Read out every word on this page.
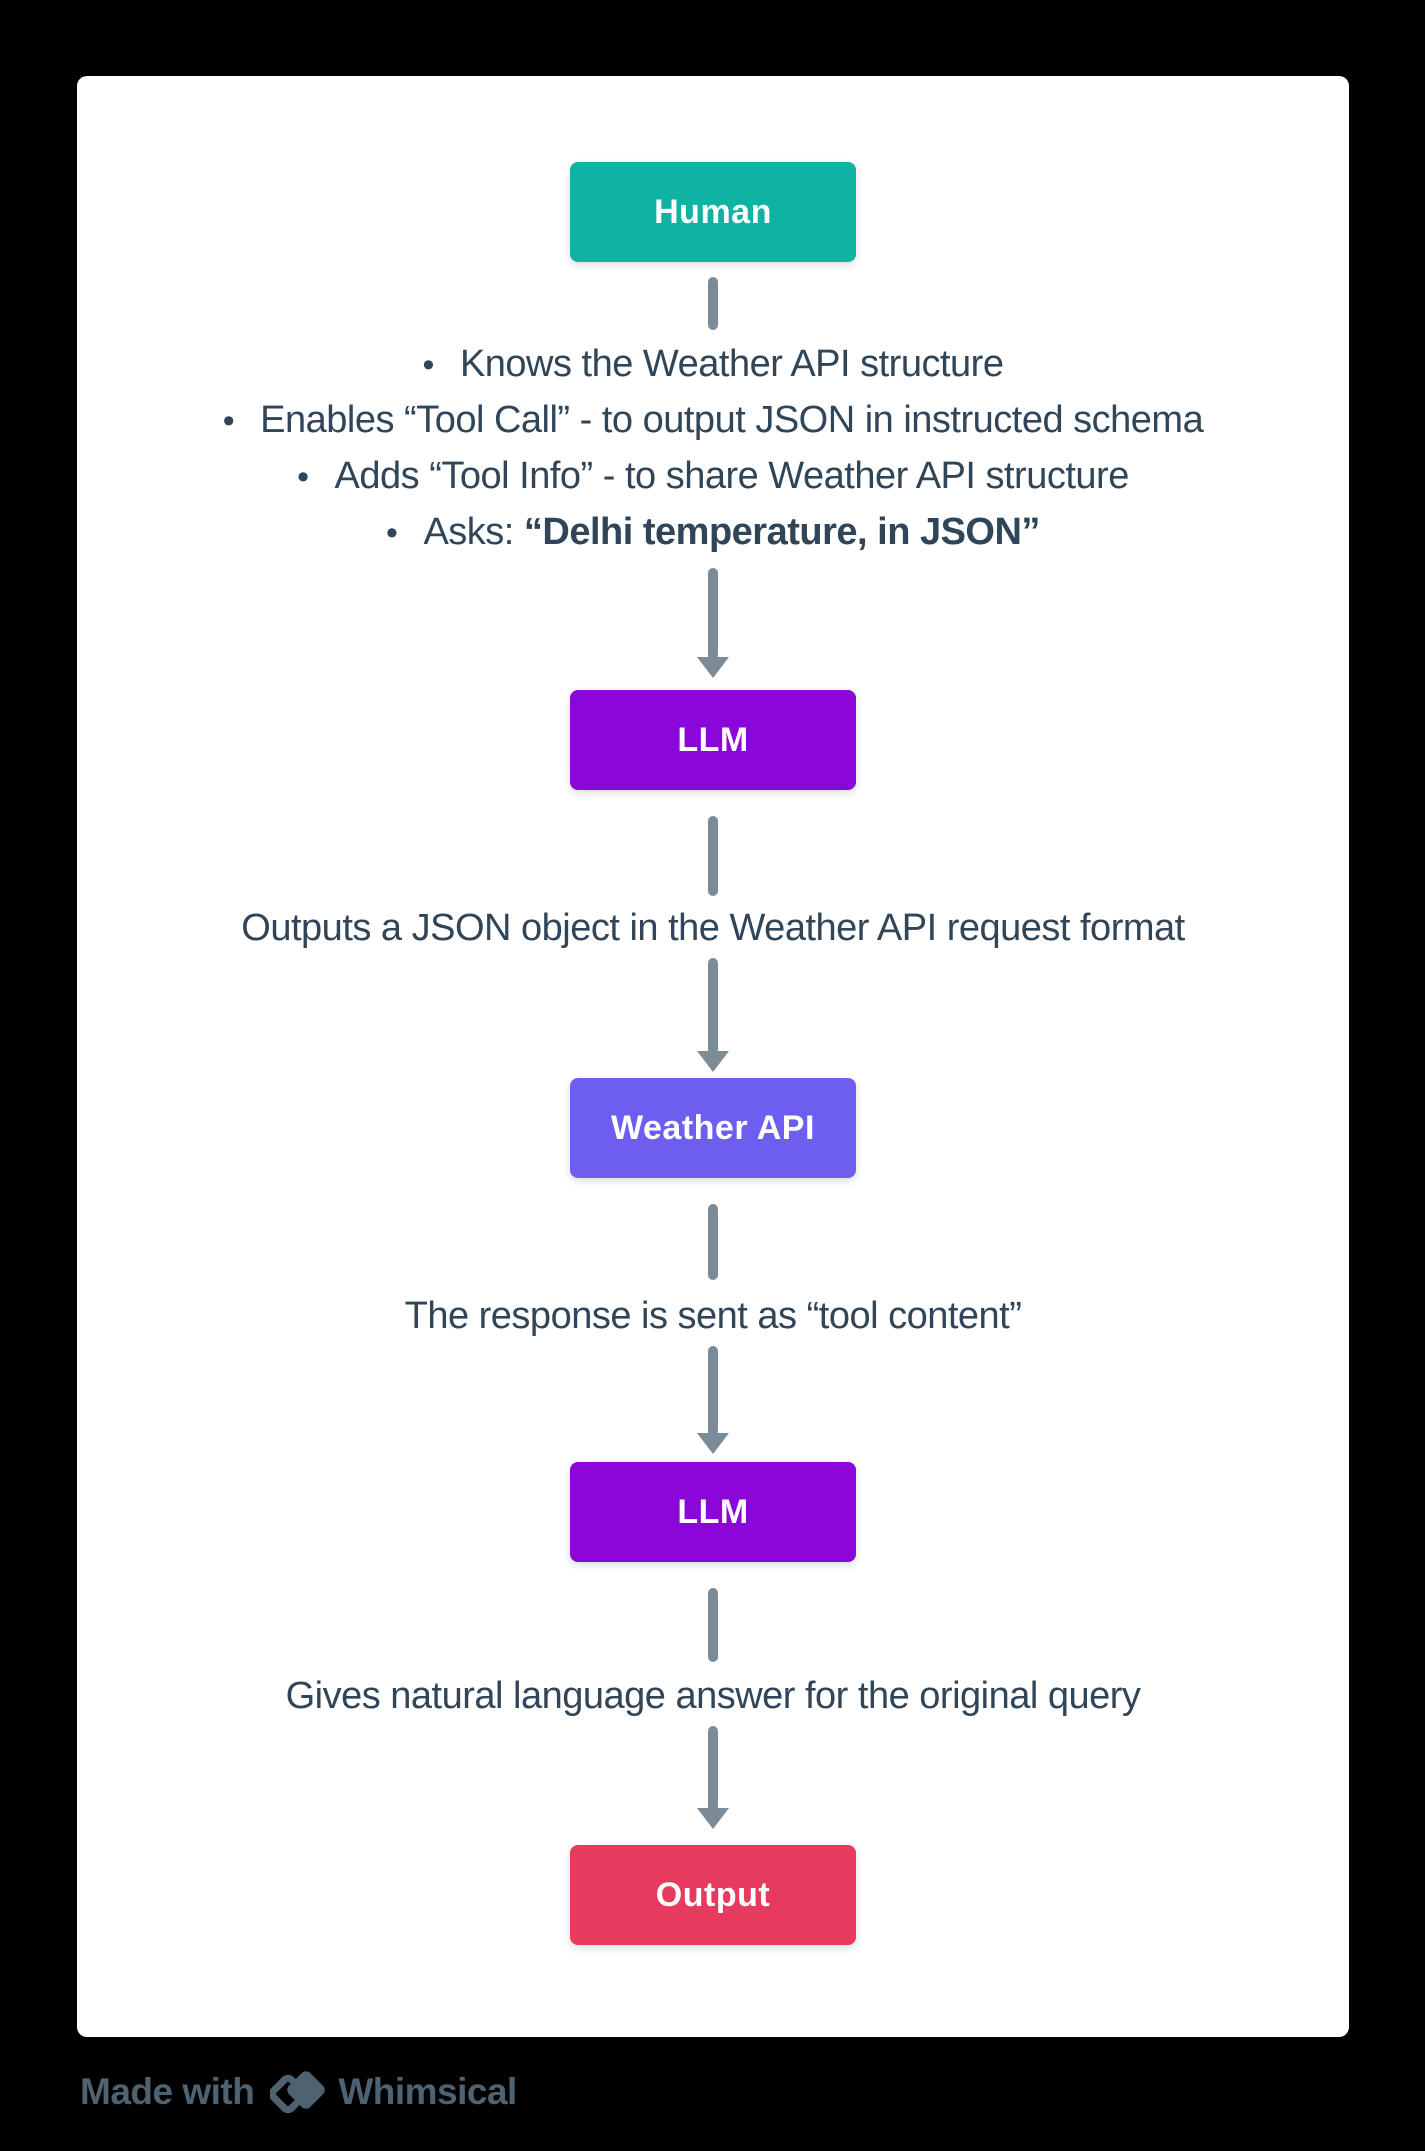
Human
• Knows the Weather API structure
• Enables “Tool Call” - to output JSON in instructed schema
• Adds “Tool Info” - to share Weather API structure
• Asks: “Delhi temperature, in JSON”
LLM
Outputs a JSON object in the Weather API request format
Weather API
The response is sent as “tool content”
LLM
Gives natural language answer for the original query
Output
Made with Whimsical
